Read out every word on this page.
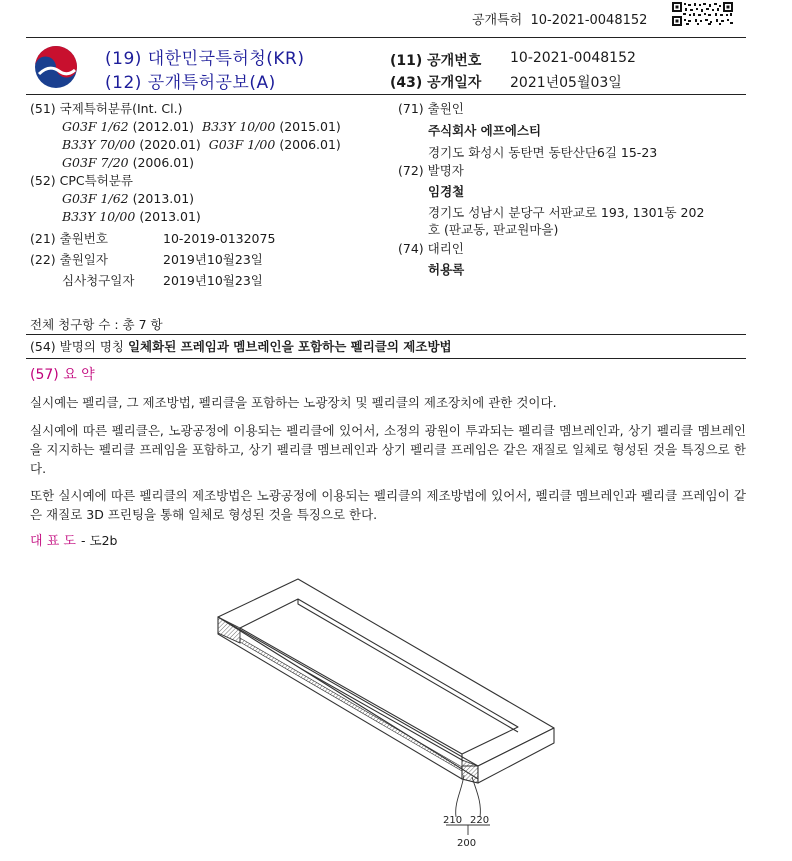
공개특허 10-2021-0048152
(19) 대한민국특허청(KR)
(12) 공개특허공보(A)
(11) 공개번호 10-2021-0048152
(43) 공개일자 2021년05월03일
(51) 국제특허분류(Int. Cl.)
G03F 1/62 (2012.01) B33Y 10/00 (2015.01)
B33Y 70/00 (2020.01) G03F 1/00 (2006.01)
G03F 7/20 (2006.01)
(52) CPC특허분류
G03F 1/62 (2013.01)
B33Y 10/00 (2013.01)
(21) 출원번호	10-2019-0132075
(22) 출원일자	2019년10월23일
심사청구일자 2019년10월23일
(71) 출원인
주식회사 에프에스티
경기도 화성시 동탄면 동탄산단6길 15-23
(72) 발명자
임경철
경기도 성남시 분당구 서판교로 193, 1301동 202
호 (판교동, 판교원마을)
(74) 대리인
허용록
전체 청구항 수 : 총 7 항
(54) 발명의 명칭 일체화된 프레임과 멤브레인을 포함하는 펠리클의 제조방법
(57) 요 약
실시예는 펠리클, 그 제조방법, 펠리클을 포함하는 노광장치 및 펠리클의 제조장치에 관한 것이다.
실시예에 따른 펠리클은, 노광공정에 이용되는 펠리클에 있어서, 소정의 광원이 투과되는 펠리클 멤브레인과, 상기 펠리클 멤브레인을 지지하는 펠리클 프레임을 포함하고, 상기 펠리클 멤브레인과 상기 펠리클 프레임은 같은 재질로 일체로 형성된 것을 특징으로 한다.
또한 실시예에 따른 펠리클의 제조방법은 노광공정에 이용되는 펠리클의 제조방법에 있어서, 펠리클 멤브레인과 펠리클 프레임이 같은 재질로 3D 프린팅을 통해 일체로 형성된 것을 특징으로 한다.
대 표 도 - 도2b
210 220
200
